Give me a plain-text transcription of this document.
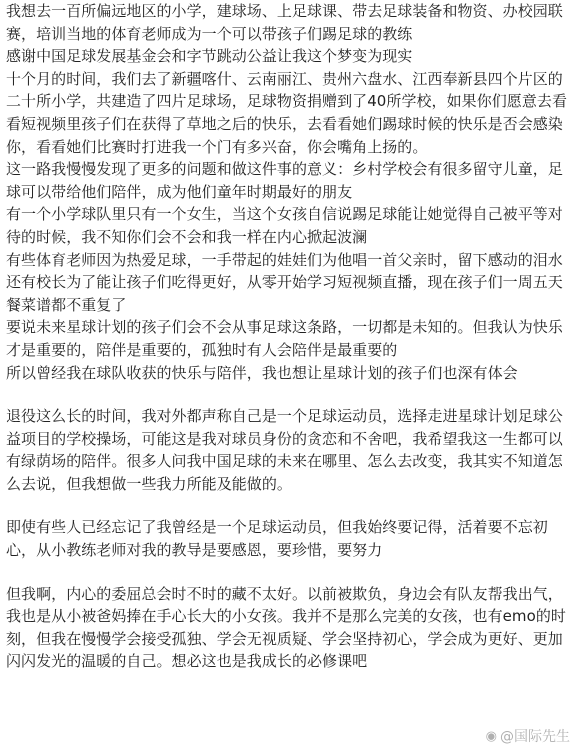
我想去一百所偏远地区的小学，建球场、上足球课、带去足球装备和物资、办校园联赛，培训当地的体育老师成为一个可以带孩子们踢足球的教练

感谢中国足球发展基金会和字节跳动公益让我这个梦变为现实

十个月的时间，我们去了新疆喀什、云南丽江、贵州六盘水、江西奉新县四个片区的二十所小学，共建造了四片足球场，足球物资捐赠到了40所学校，如果你们愿意去看看短视频里孩子们在获得了草地之后的快乐，去看看她们踢球时候的快乐是否会感染你，看看她们比赛时打进我一个门有多兴奋，你会嘴角上扬的。

这一路我慢慢发现了更多的问题和做这件事的意义：乡村学校会有很多留守儿童，足球可以带给他们陪伴，成为他们童年时期最好的朋友

有一个小学球队里只有一个女生，当这个女孩自信说踢足球能让她觉得自己被平等对待的时候，我不知你们会不会和我一样在内心掀起波澜

有些体育老师因为热爱足球，一手带起的娃娃们为他唱一首父亲时，留下感动的泪水

还有校长为了能让孩子们吃得更好，从零开始学习短视频直播，现在孩子们一周五天餐菜谱都不重复了

要说未来星球计划的孩子们会不会从事足球这条路，一切都是未知的。但我认为快乐才是重要的，陪伴是重要的，孤独时有人会陪伴是最重要的

所以曾经我在球队收获的快乐与陪伴，我也想让星球计划的孩子们也深有体会

退役这么长的时间，我对外都声称自己是一个足球运动员，选择走进星球计划足球公益项目的学校操场，可能这是我对球员身份的贪恋和不舍吧，我希望我这一生都可以有绿荫场的陪伴。很多人问我中国足球的未来在哪里、怎么去改变，我其实不知道怎么去说，但我想做一些我力所能及能做的。

即使有些人已经忘记了我曾经是一个足球运动员，但我始终要记得，活着要不忘初心，从小教练老师对我的教导是要感恩，要珍惜，要努力

但我啊，内心的委屈总会时不时的藏不太好。以前被欺负，身边会有队友帮我出气，我也是从小被爸妈捧在手心长大的小女孩。我并不是那么完美的女孩，也有emo的时刻，但我在慢慢学会接受孤独、学会无视质疑、学会坚持初心，学会成为更好、更加闪闪发光的温暖的自己。想必这也是我成长的必修课吧

◉ @国际先生
